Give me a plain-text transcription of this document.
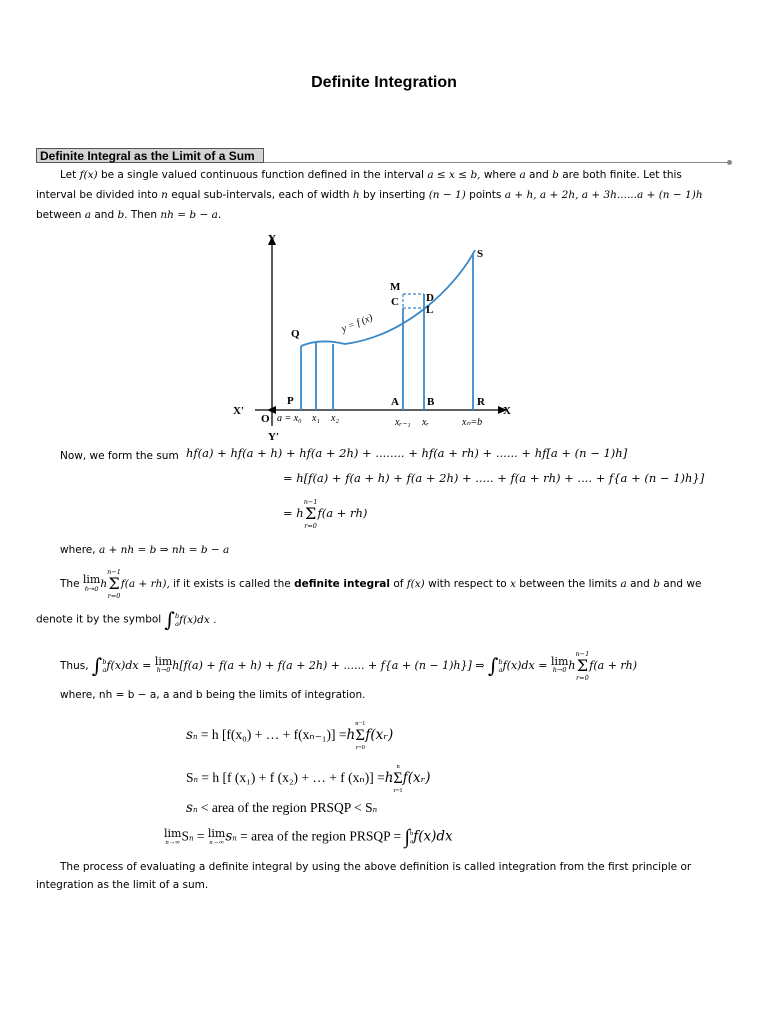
Definite Integration
Definite Integral as the Limit of a Sum
Let f(x) be a single valued continuous function defined in the interval a ≤ x ≤ b, where a and b are both finite. Let this
interval be divided into n equal sub-intervals, each of width h by inserting (n − 1) points a + h, a + 2h, a + 3h......a + (n − 1)h
between a and b. Then nh = b − a.
Y
Y′
X
X′
O
Q
S
M
C D
L
P	A	B	R
y = f (x)
a = x₀ x₁ x₂	xᵣ₋₁ xᵣ	xₙ=b
Now, we form the sum hf(a) + hf(a + h) + hf(a + 2h) + ........ + hf(a + rh) + ...... + hf[a + (n − 1)h]
= h[f(a) + f(a + h) + f(a + 2h) + ..... + f(a + rh) + .... + f{a + (n − 1)h}]
= h
n−1
Σ
r=0
f(a + rh)
where, a + nh = b ⇒ nh = b − a
The lim
h→0 h
n−1
Σ
r=0
f(a + rh), if it exists is called the definite integral of f(x) with respect to x between the limits a and b and we
denote it by the symbol ∫ b
a f(x)dx .
Thus, ∫ b
a f(x)dx = lim
h→0 h[f(a) + f(a + h) + f(a + 2h) + ...... + f{a + (n − 1)h}] ⇒ ∫ b
a f(x)dx = lim
h→0 h
n−1
Σ
r=0
f(a + rh)
where, nh = b − a, a and b being the limits of integration.
sn = h [f(x₀) + … + f(xₙ₋₁)] =h
n−1
Σ
r=0
f(xᵣ)
Sn = h [f (x₁) + f (x₂) + … + f (xₙ)] =h
n
Σ
r=1
f(xᵣ)
sn < area of the region PRSQP < Sn
lim
n→∞ Sn = lim
n→∞ sn = area of the region PRSQP = ∫ b
a f(x)dx
The process of evaluating a definite integral by using the above definition is called integration from the first principle or
integration as the limit of a sum.
